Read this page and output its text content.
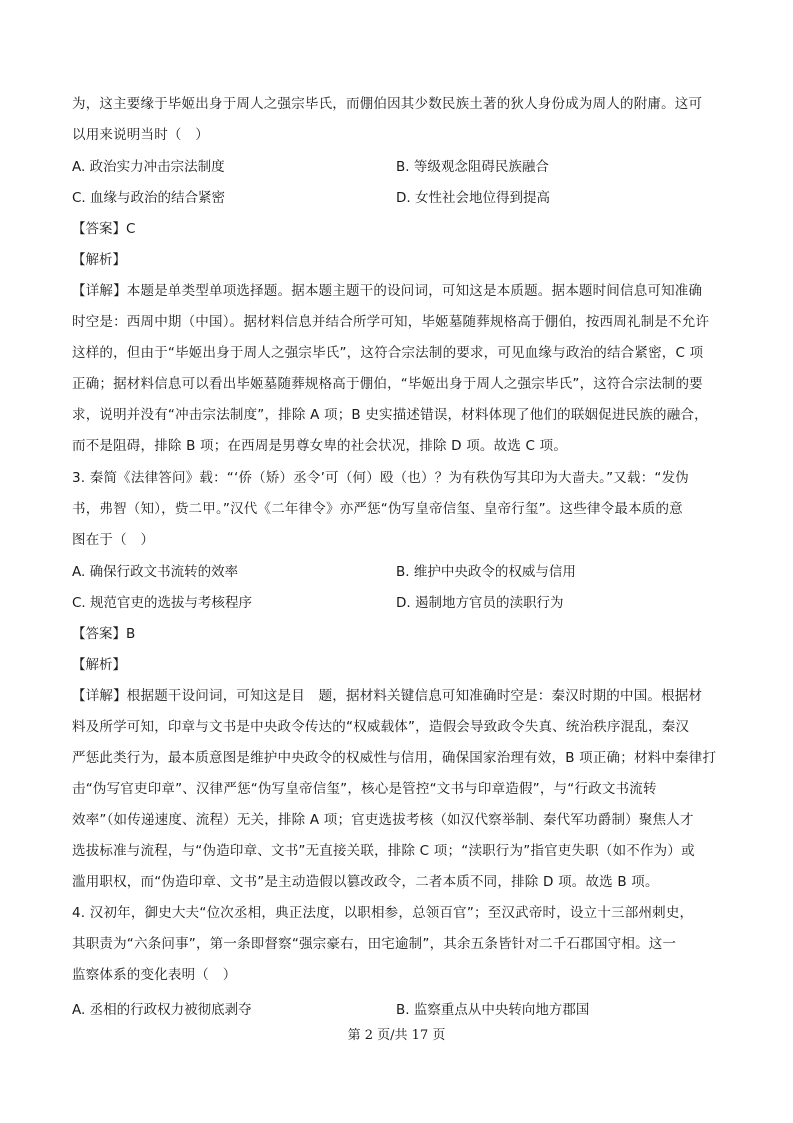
为，这主要缘于毕姬出身于周人之强宗毕氏，而倗伯因其少数民族土著的狄人身份成为周人的附庸。这可
以用来说明当时（　）
A. 政治实力冲击宗法制度	B. 等级观念阻碍民族融合
C. 血缘与政治的结合紧密	D. 女性社会地位得到提高
【答案】C
【解析】
【详解】本题是单类型单项选择题。据本题主题干的设问词，可知这是本质题。据本题时间信息可知准确
时空是：西周中期（中国）。据材料信息并结合所学可知，毕姬墓随葬规格高于倗伯，按西周礼制是不允许
这样的，但由于“毕姬出身于周人之强宗毕氏”，这符合宗法制的要求，可见血缘与政治的结合紧密，C 项
正确；据材料信息可以看出毕姬墓随葬规格高于倗伯，“毕姬出身于周人之强宗毕氏”，这符合宗法制的要
求，说明并没有“冲击宗法制度”，排除 A 项；B 史实描述错误，材料体现了他们的联姻促进民族的融合，
而不是阻碍，排除 B 项；在西周是男尊女卑的社会状况，排除 D 项。故选 C 项。
3. 秦简《法律答问》载：“‘侨（矫）丞令’可（何）殴（也）？为有秩伪写其印为大啬夫。”又载：“发伪
书，弗智（知），赀二甲。”汉代《二年律令》亦严惩“伪写皇帝信玺、皇帝行玺”。这些律令最本质的意
图在于（　）
A. 确保行政文书流转的效率	B. 维护中央政令的权威与信用
C. 规范官吏的选拔与考核程序	D. 遏制地方官员的渎职行为
【答案】B
【解析】
【详解】根据题干设问词，可知这是目　题，据材料关键信息可知准确时空是：秦汉时期的中国。根据材
料及所学可知，印章与文书是中央政令传达的“权威载体”，造假会导致政令失真、统治秩序混乱，秦汉
严惩此类行为，最本质意图是维护中央政令的权威性与信用，确保国家治理有效，B 项正确；材料中秦律打
击“伪写官吏印章”、汉律严惩“伪写皇帝信玺”，核心是管控“文书与印章造假”，与“行政文书流转
效率”（如传递速度、流程）无关，排除 A 项；官吏选拔考核（如汉代察举制、秦代军功爵制）聚焦人才
选拔标准与流程，与“伪造印章、文书”无直接关联，排除 C 项；“渎职行为”指官吏失职（如不作为）或
滥用职权，而“伪造印章、文书”是主动造假以篡改政令，二者本质不同，排除 D 项。故选 B 项。
4. 汉初年，御史大夫“位次丞相，典正法度，以职相参，总领百官”；至汉武帝时，设立十三部州刺史，
其职责为“六条问事”，第一条即督察“强宗豪右，田宅逾制”，其余五条皆针对二千石郡国守相。这一
监察体系的变化表明（　）
A. 丞相的行政权力被彻底剥夺	B. 监察重点从中央转向地方郡国
第 2 页/共 17 页
